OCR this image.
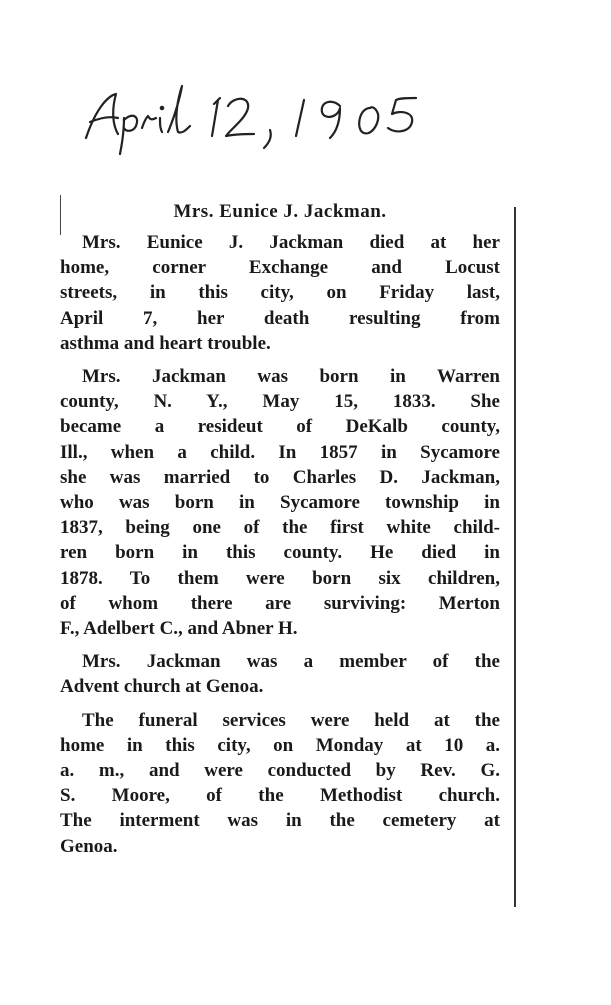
Mrs. Eunice J. Jackman.
Mrs. Eunice J. Jackman died at her
home, corner Exchange and Locust
streets, in this city, on Friday last,
April 7, her death resulting from
asthma and heart trouble.
Mrs. Jackman was born in Warren
county, N. Y., May 15, 1833. She
became a resideut of DeKalb county,
Ill., when a child. In 1857 in Sycamore
she was married to Charles D. Jackman,
who was born in Sycamore township in
1837, being one of the first white child-
ren born in this county. He died in
1878. To them were born six children,
of whom there are surviving: Merton
F., Adelbert C., and Abner H.
Mrs. Jackman was a member of the
Advent church at Genoa.
The funeral services were held at the
home in this city, on Monday at 10 a.
a. m., and were conducted by Rev. G.
S. Moore, of the Methodist church.
The interment was in the cemetery at
Genoa.
